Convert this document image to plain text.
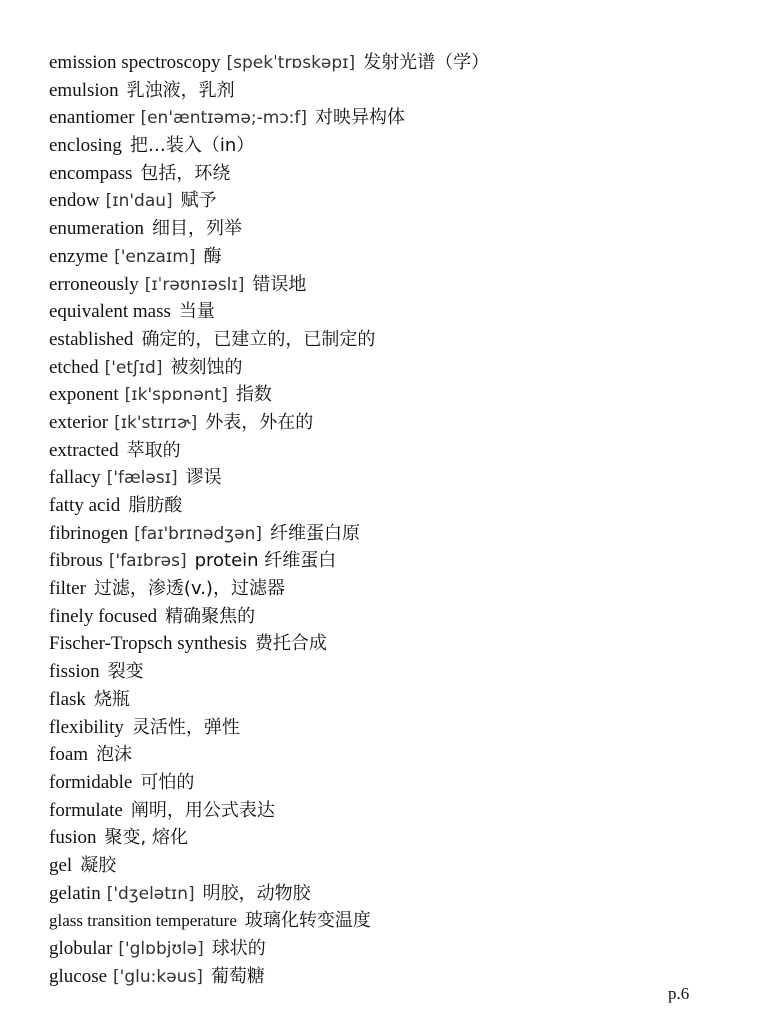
emission spectroscopy [spekˈtrɒskəpɪ] 发射光谱（学）
emulsion 乳浊液，乳剂
enantiomer [en'æntɪəmə;-mɔ:f] 对映异构体
enclosing 把…装入（in）
encompass 包括，环绕
endow [ɪn'dau] 赋予
enumeration 细目，列举
enzyme ['enzaɪm] 酶
erroneously [ɪˈrəʊnɪəslɪ] 错误地
equivalent mass 当量
established 确定的，已建立的，已制定的
etched ['etʃɪd] 被刻蚀的
exponent [ɪk'spɒnənt] 指数
exterior [ɪk'stɪrɪɚ] 外表，外在的
extracted 萃取的
fallacy ['fæləsɪ] 谬误
fatty acid 脂肪酸
fibrinogen [faɪ'brɪnədʒən] 纤维蛋白原
fibrous ['faɪbrəs] protein 纤维蛋白
filter 过滤，渗透(v.)，过滤器
finely focused 精确聚焦的
Fischer-Tropsch synthesis 费托合成
fission 裂变
flask 烧瓶
flexibility 灵活性，弹性
foam 泡沫
formidable 可怕的
formulate 阐明，用公式表达
fusion 聚变, 熔化
gel 凝胶
gelatin ['dʒelətɪn] 明胶，动物胶
glass transition temperature 玻璃化转变温度
globular ['glɒbjʊlə] 球状的
glucose ['glu:kəus] 葡萄糖
p.6
